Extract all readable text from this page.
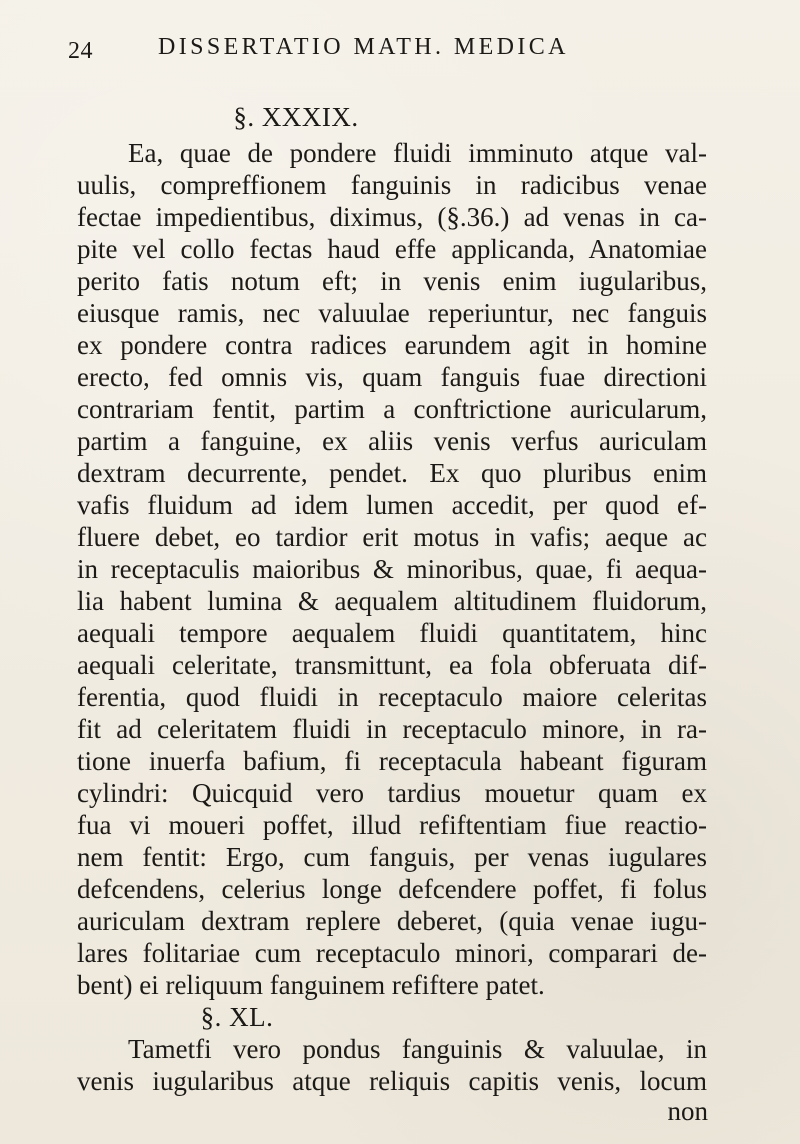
24	DISSERTATIO MATH. MEDICA
§. XXXIX.
Ea, quae de pondere fluidi imminuto atque val-
uulis, compreffionem fanguinis in radicibus venae
fectae impedientibus, diximus, (§.36.) ad venas in ca-
pite vel collo fectas haud effe applicanda, Anatomiae
perito fatis notum eft; in venis enim iugularibus,
eiusque ramis, nec valuulae reperiuntur, nec fanguis
ex pondere contra radices earundem agit in homine
erecto, fed omnis vis, quam fanguis fuae directioni
contrariam fentit, partim a conftrictione auricularum,
partim a fanguine, ex aliis venis verfus auriculam
dextram decurrente, pendet. Ex quo pluribus enim
vafis fluidum ad idem lumen accedit, per quod ef-
fluere debet, eo tardior erit motus in vafis; aeque ac
in receptaculis maioribus & minoribus, quae, fi aequa-
lia habent lumina & aequalem altitudinem fluidorum,
aequali tempore aequalem fluidi quantitatem, hinc
aequali celeritate, transmittunt, ea fola obferuata dif-
ferentia, quod fluidi in receptaculo maiore celeritas
fit ad celeritatem fluidi in receptaculo minore, in ra-
tione inuerfa bafium, fi receptacula habeant figuram
cylindri: Quicquid vero tardius mouetur quam ex
fua vi moueri poffet, illud refiftentiam fiue reactio-
nem fentit: Ergo, cum fanguis, per venas iugulares
defcendens, celerius longe defcendere poffet, fi folus
auriculam dextram replere deberet, (quia venae iugu-
lares folitariae cum receptaculo minori, comparari de-
bent) ei reliquum fanguinem refiftere patet.
§. XL.
Tametfi vero pondus fanguinis & valuulae, in
venis iugularibus atque reliquis capitis venis, locum
non
